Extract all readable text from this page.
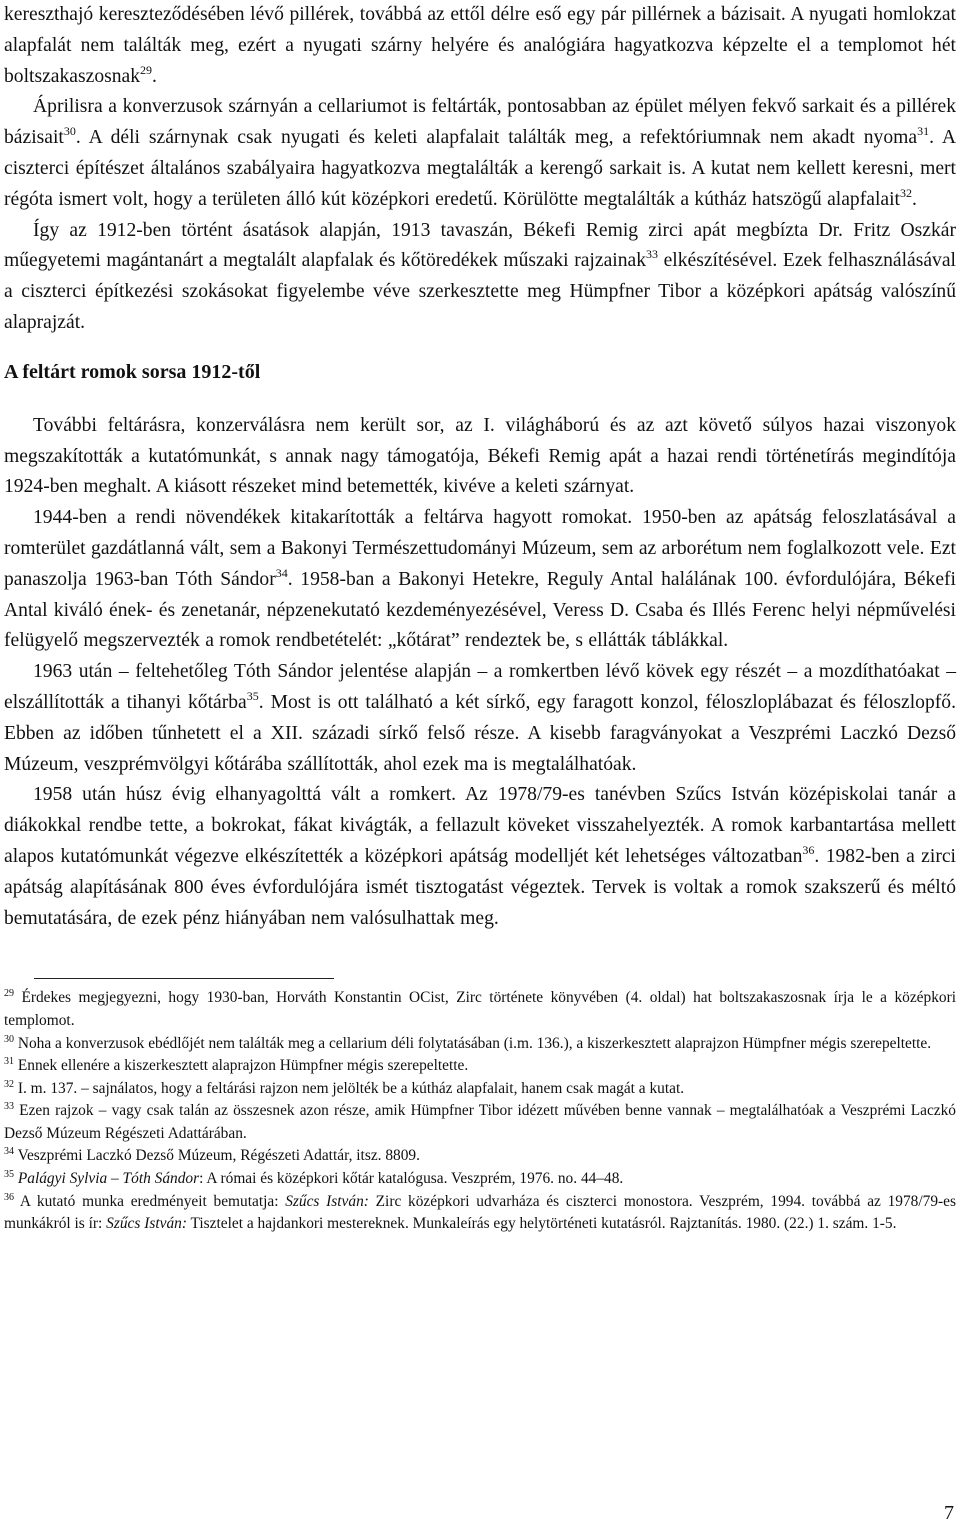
kereszthajó kereszteződésében lévő pillérek, továbbá az ettől délre eső egy pár pillérnek a bázisait. A nyugati homlokzat alapfalát nem találták meg, ezért a nyugati szárny helyére és analógiára hagyatkozva képzelte el a templomot hét boltszakaszosnak$^{29}$.

Áprilisra a konverzusok szárnyán a cellariumot is feltárták, pontosabban az épület mélyen fekvő sarkait és a pillérek bázisait$^{30}$. A déli szárnynak csak nyugati és keleti alapfalait találták meg, a refektóriumnak nem akadt nyoma$^{31}$. A ciszterci építészet általános szabályaira hagyatkozva megtalálták a kerengő sarkait is. A kutat nem kellett keresni, mert régóta ismert volt, hogy a területen álló kút középkori eredetű. Körülötte megtalálták a kútház hatszögű alapfalait$^{32}$.

Így az 1912-ben történt ásatások alapján, 1913 tavaszán, Békefi Remig zirci apát megbízta Dr. Fritz Oszkár műegyetemi magántanárt a megtalált alapfalak és kőtöredékek műszaki rajzainak$^{33}$ elkészítésével. Ezek felhasználásával a ciszterci építkezési szokásokat figyelembe véve szerkesztette meg Hümpfner Tibor a középkori apátság valószínű alaprajzát.

A feltárt romok sorsa 1912-től

További feltárásra, konzerválásra nem került sor, az I. világháború és az azt követő súlyos hazai viszonyok megszakították a kutatómunkát, s annak nagy támogatója, Békefi Remig apát a hazai rendi történetírás megindítója 1924-ben meghalt. A kiásott részeket mind betemették, kivéve a keleti szárnyat.

1944-ben a rendi növendékek kitakarították a feltárva hagyott romokat. 1950-ben az apátság feloszlatásával a romterület gazdátlanná vált, sem a Bakonyi Természettudományi Múzeum, sem az arborétum nem foglalkozott vele. Ezt panaszolja 1963-ban Tóth Sándor$^{34}$. 1958-ban a Bakonyi Hetekre, Reguly Antal halálának 100. évfordulójára, Békefi Antal kiváló ének- és zenetanár, népzenekutató kezdeményezésével, Veress D. Csaba és Illés Ferenc helyi népművelési felügyelő megszervezték a romok rendbetételét: „kőtárat” rendeztek be, s ellátták táblákkal.

1963 után – feltehetőleg Tóth Sándor jelentése alapján – a romkertben lévő kövek egy részét – a mozdíthatóakat – elszállították a tihanyi kőtárba$^{35}$. Most is ott található a két sírkő, egy faragott konzol, féloszloplábazat és féloszlopfő. Ebben az időben tűnhetett el a XII. századi sírkő felső része. A kisebb faragványokat a Veszprémi Laczkó Dezső Múzeum, veszprémvölgyi kőtárába szállították, ahol ezek ma is megtalálhatóak.

1958 után húsz évig elhanyagolttá vált a romkert. Az 1978/79-es tanévben Szűcs István középiskolai tanár a diákokkal rendbe tette, a bokrokat, fákat kivágták, a fellazult köveket visszahelyezték. A romok karbantartása mellett alapos kutatómunkát végezve elkészítették a középkori apátság modelljét két lehetséges változatban$^{36}$. 1982-ben a zirci apátság alapításának 800 éves évfordulójára ismét tisztogatást végeztek. Tervek is voltak a romok szakszerű és méltó bemutatására, de ezek pénz hiányában nem valósulhattak meg.

$^{29}$ Érdekes megjegyezni, hogy 1930-ban, Horváth Konstantin OCist, Zirc története könyvében (4. oldal) hat boltszakaszosnak írja le a középkori templomot.

$^{30}$ Noha a konverzusok ebédlőjét nem találták meg a cellarium déli folytatásában (i.m. 136.), a kiszerkesztett alaprajzon Hümpfner mégis szerepeltette.

$^{31}$ Ennek ellenére a kiszerkesztett alaprajzon Hümpfner mégis szerepeltette.

$^{32}$ I. m. 137. – sajnálatos, hogy a feltárási rajzon nem jelölték be a kútház alapfalait, hanem csak magát a kutat.

$^{33}$ Ezen rajzok – vagy csak talán az összesnek azon része, amik Hümpfner Tibor idézett művében benne vannak – megtalálhatóak a Veszprémi Laczkó Dezső Múzeum Régészeti Adattárában.

$^{34}$ Veszprémi Laczkó Dezső Múzeum, Régészeti Adattár, itsz. 8809.

$^{35}$ Palágyi Sylvia – Tóth Sándor: A római és középkori kőtár katalógusa. Veszprém, 1976. no. 44–48.

$^{36}$ A kutató munka eredményeit bemutatja: Szűcs István: Zirc középkori udvarháza és ciszterci monostora. Veszprém, 1994. továbbá az 1978/79-es munkákról is ír: Szűcs István: Tisztelet a hajdankori mestereknek. Munkaleírás egy helytörténeti kutatásról. Rajztanítás. 1980. (22.) 1. szám. 1-5.

7
